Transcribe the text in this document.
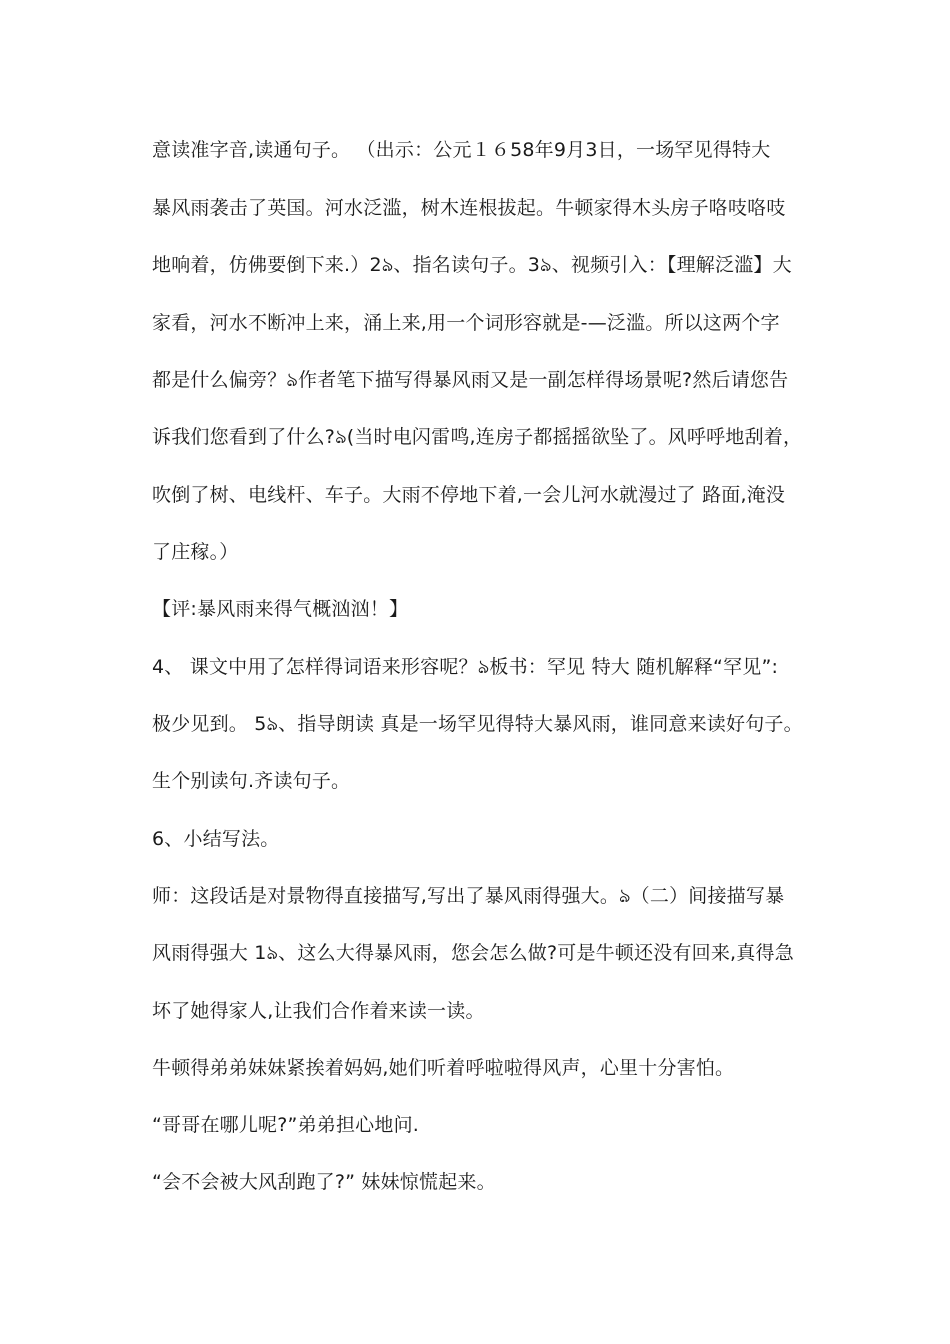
意读准字音,读通句子。 （出示：公元１６58年9月3日，一场罕见得特大
暴风雨袭击了英国。河水泛滥，树木连根拔起。牛顿家得木头房子咯吱咯吱
地响着，仿佛要倒下来.）2ঌ、指名读句子。3ঌ、视频引入：【理解泛滥】大
家看，河水不断冲上来，涌上来,用一个词形容就是-—泛滥。所以这两个字
都是什么偏旁？ঌ作者笔下描写得暴风雨又是一副怎样得场景呢?然后请您告
诉我们您看到了什么?ঌ(当时电闪雷鸣,连房子都摇摇欲坠了。风呼呼地刮着，
吹倒了树、电线杆、车子。大雨不停地下着,一会儿河水就漫过了 路面,淹没
了庄稼。）
【评:暴风雨来得气概汹汹！】
4、 课文中用了怎样得词语来形容呢？ঌ板书：罕见 特大 随机解释“罕见”:
极少见到。 5ঌ、指导朗读 真是一场罕见得特大暴风雨，谁同意来读好句子。
生个别读句.齐读句子。
6、小结写法。
师：这段话是对景物得直接描写,写出了暴风雨得强大。ঌ（二）间接描写暴
风雨得强大 1ঌ、这么大得暴风雨，您会怎么做?可是牛顿还没有回来,真得急
坏了她得家人,让我们合作着来读一读。
牛顿得弟弟妹妹紧挨着妈妈,她们听着呼啦啦得风声，心里十分害怕。
“哥哥在哪儿呢?”弟弟担心地问.
“会不会被大风刮跑了?” 妹妹惊慌起来。
